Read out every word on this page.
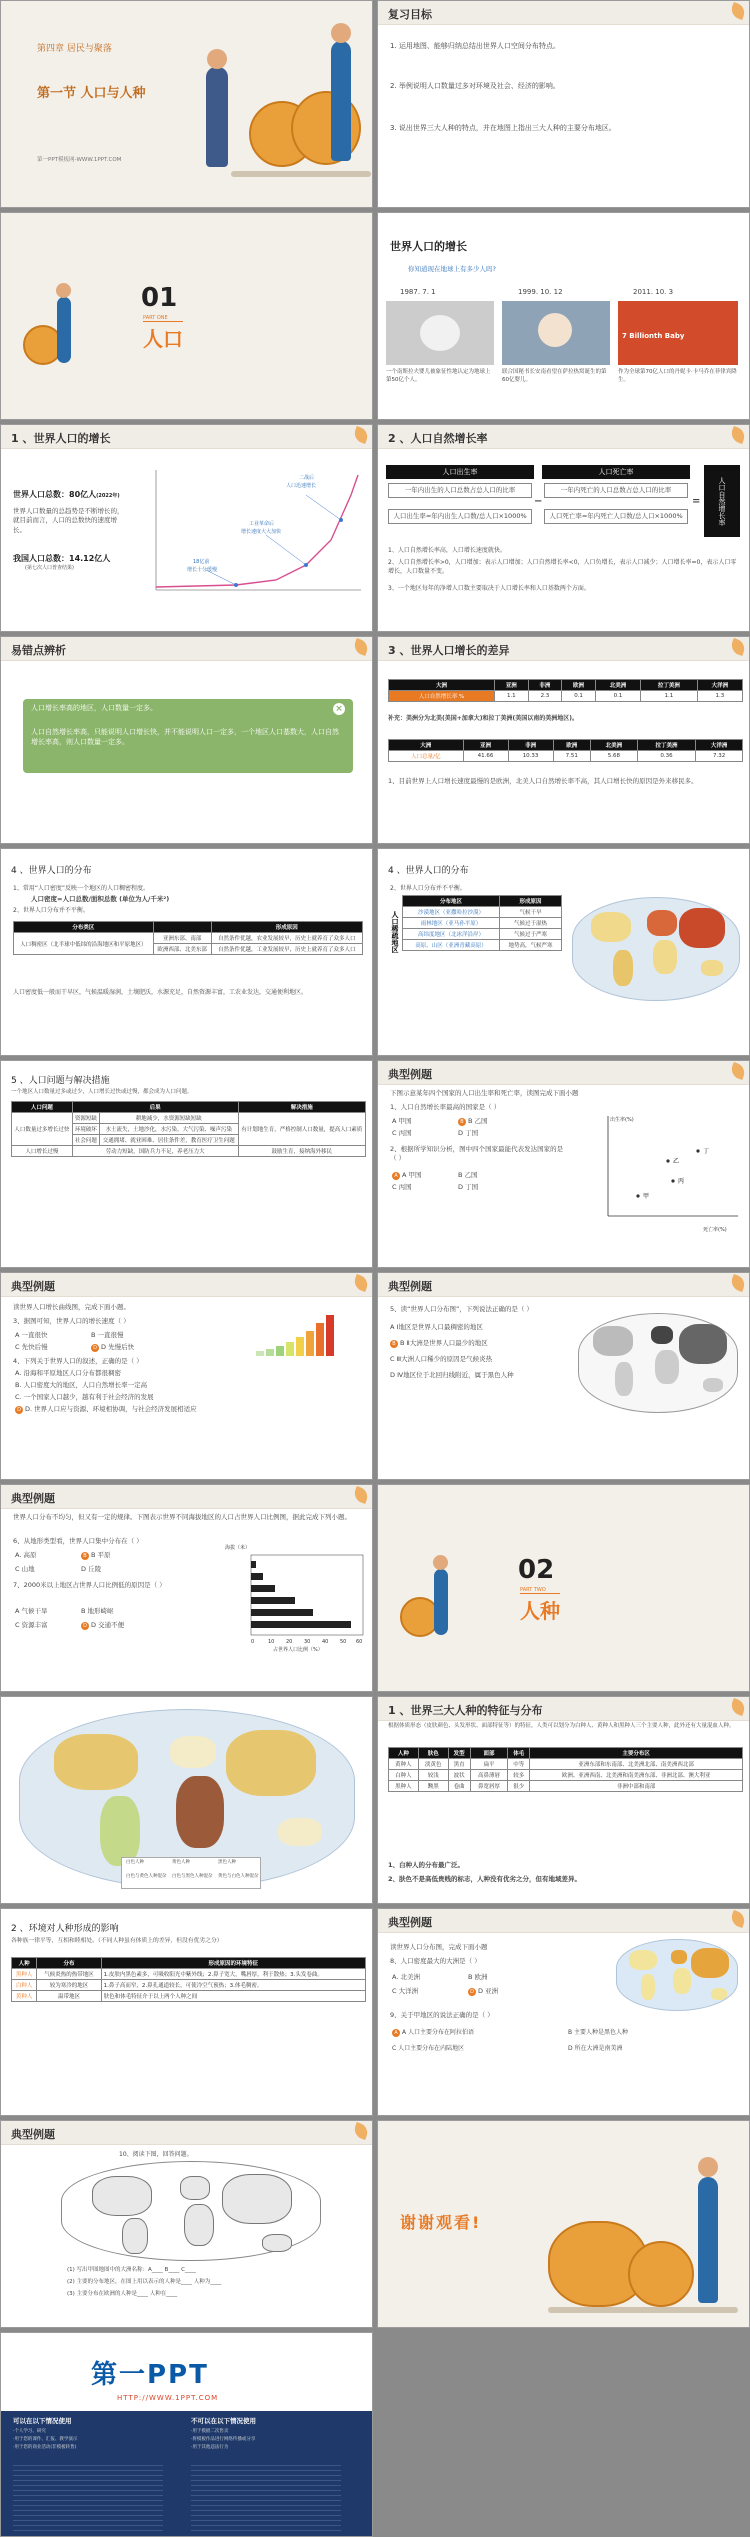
第四章 居民与聚落
第一节 人口与人种
第一PPT模板网-WWW.1PPT.COM
复习目标
1. 运用地图、能够归纳总结出世界人口空间分布特点。
2. 举例说明人口数量过多对环境及社会、经济的影响。
3. 说出世界三大人种的特点，并在地图上指出三大人种的主要分布地区。
01
PART ONE
人口
世界人口的增长
你知道现在地球上有多少人吗?
1987. 7. 1	1999. 10. 12	2011. 10. 3
7 Billionth Baby
一个南斯拉夫婴儿被象征性地认定为地球上第50亿个人。
联合国秘书长安南看望在萨拉热窝诞生的第60亿婴儿。
作为全球第70亿人口的丹妮卡·卡马乔在菲律宾降生。
1 、世界人口的增长
世界人口总数：80亿人(2022年)
世界人口数量的总趋势是不断增长的，就目前而言，人口的总数快的速度增长。
我国人口总数：14.12亿人
(第七次人口普查结果)
二战后
人口迅速增长
工业革命后
增长速度大大加快
18亿前
增长十分缓慢
2 、人口自然增长率
人口出生率	人口死亡率
一年内出生的人口总数占总人口的比率	一年内死亡的人口总数占总人口的比率
人口出生率=年内出生人口数/总人口×1000%	人口死亡率=年内死亡人口数/总人口×1000%
−	=	人口自然增长率
1、人口自然增长率高，人口增长速度就快。
2、人口自然增长率>0，人口增加；表示人口增加；人口自然增长率<0，人口负增长，表示人口减少；人口增长率=0，表示人口零增长，人口数量不变。
3、一个地区每年的净增人口数主要取决于人口增长率和人口基数两个方面。
易错点辨析
人口增长率高的地区，人口数量一定多。	×
人口自然增长率高，只能说明人口增长快，并不能说明人口一定多，一个地区人口基数大，人口自然增长率高，则人口数量一定多。
3 、世界人口增长的差异
大洲	亚洲	非洲	欧洲	北美洲	拉丁美洲	大洋洲
人口自然增长率 %	1.1	2.3	0.1	0.1	1.1	1.3
补充：美洲分为北美(美国+加拿大)和拉丁美洲(美国以南的美洲地区)。
大洲	亚洲	非洲	欧洲	北美洲	拉丁美洲	大洋洲
人口总量/亿	41.66	10.33	7.51	5.68	0.36	7.32
1、目前世界上人口增长速度最慢的是欧洲，北美人口自然增长率不高，其人口增长快的原因是外来移民多。
4 、世界人口的分布
1、常用“人口密度”反映一个地区的人口稠密程度。
人口密度=人口总数/面积总数 (单位为人/千米²)
2、世界人口分布并不平衡。
分布类区		形成原因
人口稠密区（北半球中低纬的沿海地区和平原地区）	亚洲东部、南部	自然条件优越，农业发展较早，历史上就养育了众多人口
	欧洲西部、北美东部	自然条件优越，工业发展较早，历史上就养育了众多人口
人口密度低一般而干早区，气候温暖湿润，土壤肥沃，水源充足，自然资源丰富，工农业发达，交通便利地区。
4 、世界人口的分布
2、世界人口分布并不平衡。
人口稀疏地区
分布地区	形成原因
沙漠地区（亚撒哈拉沙漠）	气候干旱
雨林地区（亚马孙平原）	气候过于湿热
高纬度地区（北冰洋沿岸）	气候过于严寒
高原、山区（亚洲青藏高原）	地势高，气候严寒
5 、人口问题与解决措施
一个地区人口数量过多或过少，人口增长过快或过慢，都会成为人口问题。
人口问题	后果		解决措施
人口数量过多增长过快	资源短缺	耕地减少，水资源短缺短缺	有计划地生育，严格控制人口数量，提高人口素质
	环境破坏	水土流失，土地沙化，水污染、大气污染、噪声污染	
	社会问题	交通拥堵、就业困难、居住条件差，教育医疗卫生问题	
人口增长过慢	劳动力短缺，国防兵力不足，养老压力大		鼓励生育，接纳海外移民
典型例题
下图示意某年四个国家的人口出生率和死亡率，读图完成下面小题
1、人口自然增长率最高的国家是（ ）
A 甲国	B B 乙国
C 丙国	D 丁国
2、根据所学知识分析，图中四个国家最能代表发达国家的是（ ）
A A 甲国	B 乙国
C 丙国	D 丁国
出生率(%)
死亡率(%)
甲
乙
丙
丁
典型例题
读世界人口增长曲线图，完成下面小题。
3、据图可知，世界人口的增长速度（ ）
A 一直很快	B 一直很慢
C 先快后慢	D D 先慢后快
4、下列关于世界人口的叙述，正确的是（ ）
A. 沿海和平原地区人口分布都很稠密
B. 人口密度大的地区，人口自然增长率一定高
C. 一个国家人口越少，越有利于社会经济的发展
D D. 世界人口应与资源、环境相协调，与社会经济发展相适应
典型例题
5、读“世界人口分布图”，下列说法正确的是（ ）
A Ⅰ地区是世界人口最稠密的地区
B B Ⅱ大洲是世界人口最少的地区
C Ⅲ大洲人口稀少的原因是气候炎热
D Ⅳ地区位于北回归线附近，属于黑色人种
典型例题
世界人口分布不均匀，但又有一定的规律。下图表示世界不同海拔地区的人口占世界人口比例图，据此完成下列小题。
6、从地形类型看，世界人口集中分布在（ ）
A. 高原	B B 平原
C 山地	D 丘陵
7、2000米以上地区占世界人口比例低的原因是（ ）
A 气候干旱	B 地形崎岖
C 资源丰富	D D 交通不便
海拔（米）
0	10 20 30 40 50 60
占世界人口比例（%）
02
PART TWO
人种
白色人种	黄色人种	黑色人种
白色与黄色人种混杂 白色与黑色人种混杂 黄色与白色人种混杂
1 、世界三大人种的特征与分布
根据体质形态（皮肤颜色、头发形状、面部特征等）的特征，人类可以划分为白种人、黄种人和黑种人三个主要人种，此外还有大量混血人种。
人种	肤色	发型	面部	体毛	主要分布区
黄种人	淡黄色	黑直	扁平	中等	亚洲东部和东南部、北美洲北部、南美洲西北部
白种人	较浅	波状	高鼻薄唇	较多	欧洲、亚洲西南、北美洲和南美洲东部、非洲北部、澳大利亚
黑种人	黝黑	卷曲	鼻宽唇厚	很少	非洲中部和南部
1、白种人的分布最广泛。
2、肤色不是高低贵贱的标志，人种没有优劣之分，但有地域差异。
2 、环境对人种形成的影响
各种族一律平等，互相和睦相处。（不同人种虽有体质上的差异，但没有优劣之分）
人种	分布	形成原因的环境特征
黑种人	气候炎热的热带地区	1.皮肤内黑色素多，可吸收阳光中紫外线；2.鼻子宽大，嘴唇厚，利于散热；3.头发卷曲。
白种人	较为寒冷的地区	1.鼻子高而窄，2.鼻孔通道较长，可使冷空气预热；3.体毛稠密。
黄种人	温带地区	肤色和体毛特征介于以上两个人种之间
典型例题
读世界人口分布图，完成下面小题
8、人口密度最大的大洲是（ ）
A. 北美洲	B 欧洲
C 大洋洲	D D 亚洲
9、关于甲地区的说法正确的是（ ）
A A 人口主要分布在阿拉伯语	B 主要人种是黑色人种
C 人口主要分布在内陆地区	D 所在大洲是南美洲
典型例题
10、阅读下图，回答问题。
(1) 写出甲图地图中的大洲名称：A____ B____ C____
(2) 主要的分布地区，在图上用以表示的人种是____ 人种为____
(3) 主要分布在欧洲的人种是____ 人种在____
谢谢观看!
第一PPT
HTTP://WWW.1PPT.COM
可以在以下情况使用	不可以在以下情况使用
·个人学习、研究
·用于您的课件、汇报、教学演示
·用于您的商业活动(非模板转售)
·用于模板二次售卖
·将模板作品进行网络传播或分享
·用于其他违法行为
